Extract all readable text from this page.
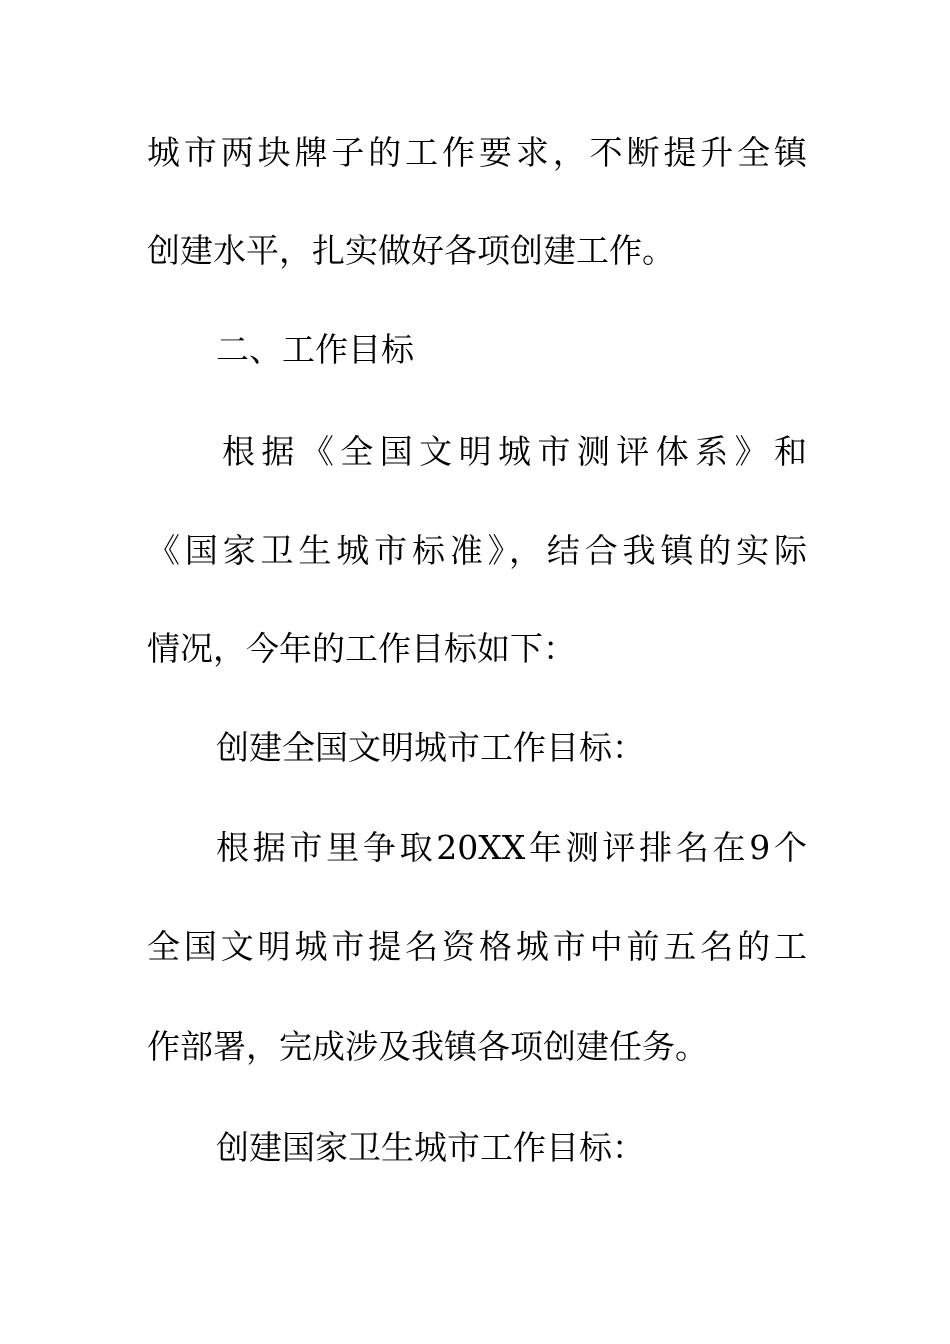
城市两块牌子的工作要求，不断提升全镇
创建水平，扎实做好各项创建工作。
二、工作目标
根据《全国文明城市测评体系》和
《国家卫生城市标准》，结合我镇的实际
情况，今年的工作目标如下：
创建全国文明城市工作目标：
根据市里争取20XX年测评排名在9个
全国文明城市提名资格城市中前五名的工
作部署，完成涉及我镇各项创建任务。
创建国家卫生城市工作目标：
